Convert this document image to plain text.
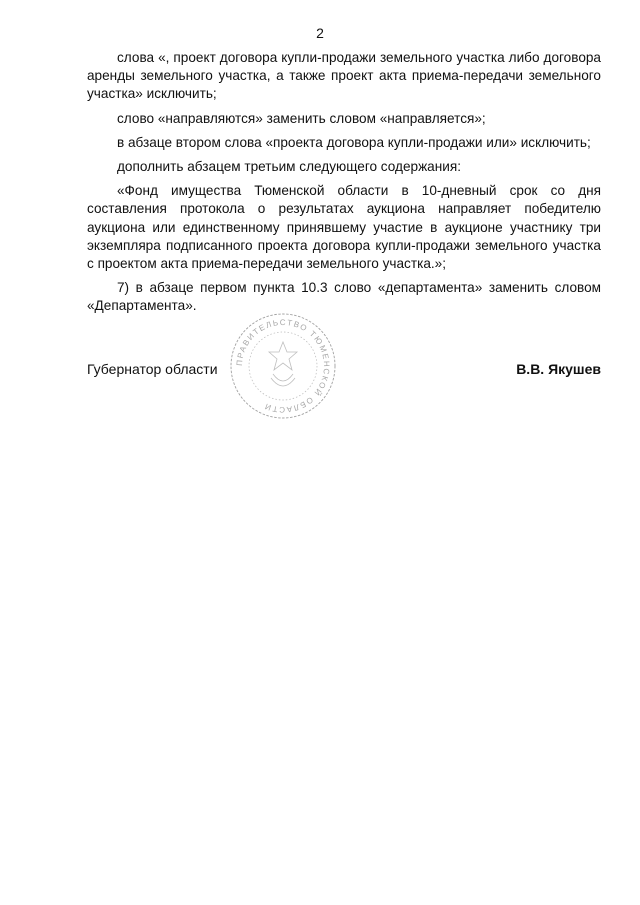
2

слова «, проект договора купли-продажи земельного участка либо договора аренды земельного участка, а также проект акта приема-передачи земельного участка» исключить;

слово «направляются» заменить словом «направляется»;

в абзаце втором слова «проекта договора купли-продажи или» исключить;

дополнить абзацем третьим следующего содержания:

«Фонд имущества Тюменской области в 10-дневный срок со дня составления протокола о результатах аукциона направляет победителю аукциона или единственному принявшему участие в аукционе участнику три экземпляра подписанного проекта договора купли-продажи земельного участка с проектом акта приема-передачи земельного участка.»;

7) в абзаце первом пункта 10.3 слово «департамента» заменить словом «Департамента».

ПРАВИТЕЛЬСТВО ТЮМЕНСКОЙ ОБЛАСТИ
Губернатор области	В.В. Якушев
